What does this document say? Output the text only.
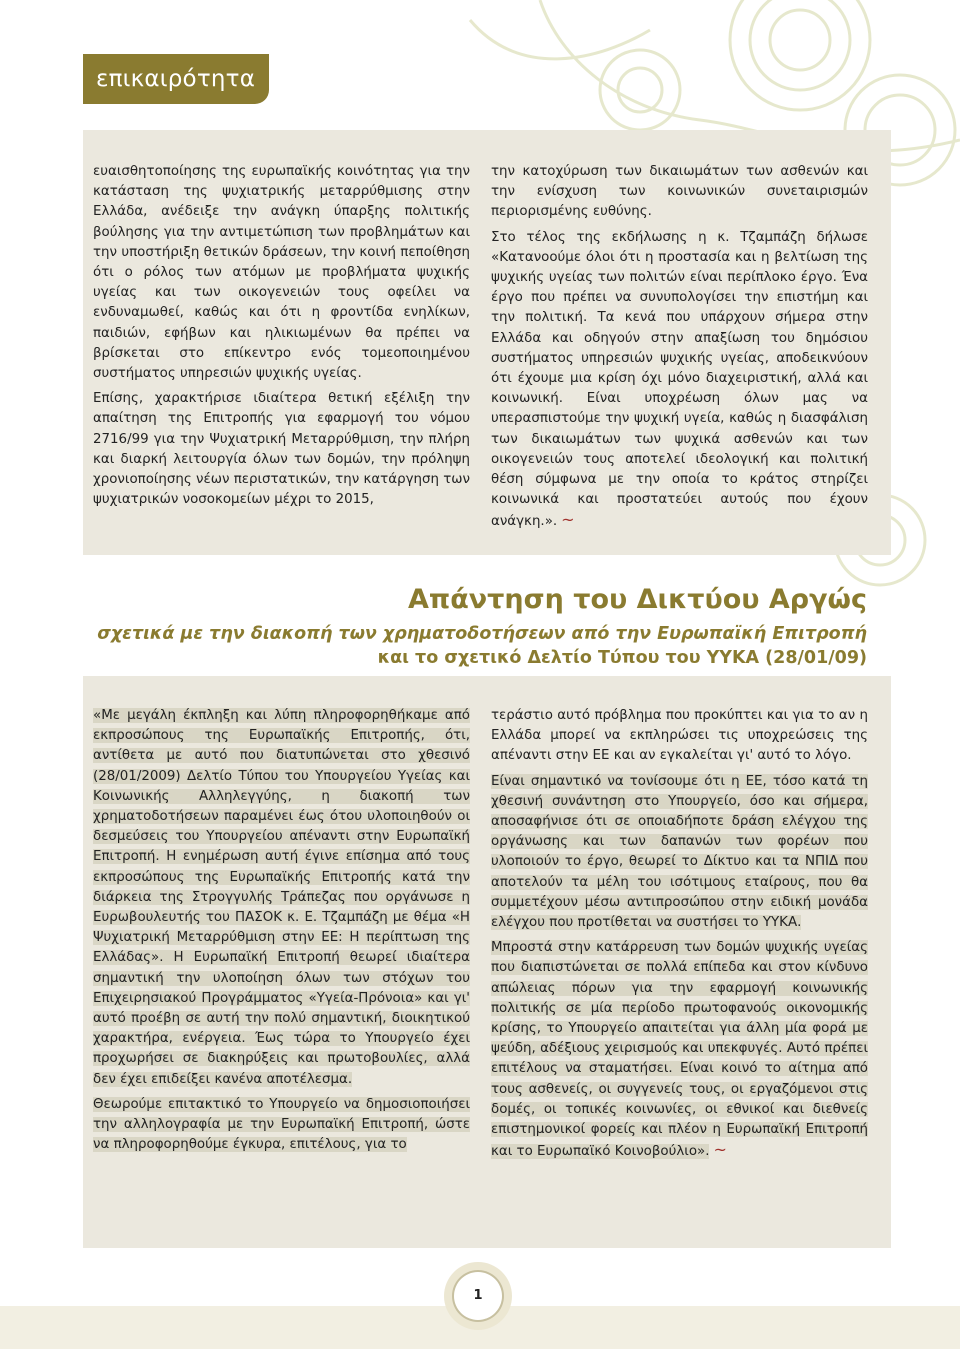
επικαιρότητα

ευαισθητοποίησης της ευρωπαϊκής κοινότητας για την κατάσταση της ψυχιατρικής μεταρρύθμισης στην Ελλάδα, ανέδειξε την ανάγκη ύπαρξης πολιτικής βούλησης για την αντιμετώπιση των προβλημάτων και την υποστήριξη θετικών δράσεων, την κοινή πεποίθηση ότι ο ρόλος των ατόμων με προβλήματα ψυχικής υγείας και των οικογενειών τους οφείλει να ενδυναμωθεί, καθώς και ότι η φροντίδα ενηλίκων, παιδιών, εφήβων και ηλικιωμένων θα πρέπει να βρίσκεται στο επίκεντρο ενός τομεοποιημένου συστήματος υπηρεσιών ψυχικής υγείας.

Επίσης, χαρακτήρισε ιδιαίτερα θετική εξέλιξη την απαίτηση της Επιτροπής για εφαρμογή του νόμου 2716/99 για την Ψυχιατρική Μεταρρύθμιση, την πλήρη και διαρκή λειτουργία όλων των δομών, την πρόληψη χρονιοποίησης νέων περιστατικών, την κατάργηση των ψυχιατρικών νοσοκομείων μέχρι το 2015,

την κατοχύρωση των δικαιωμάτων των ασθενών και την ενίσχυση των κοινωνικών συνεταιρισμών περιορισμένης ευθύνης.

Στο τέλος της εκδήλωσης η κ. Τζαμπάζη δήλωσε «Κατανοούμε όλοι ότι η προστασία και η βελτίωση της ψυχικής υγείας των πολιτών είναι περίπλοκο έργο. Ένα έργο που πρέπει να συνυπολογίσει την επιστήμη και την πολιτική. Τα κενά που υπάρχουν σήμερα στην Ελλάδα και οδηγούν στην απαξίωση του δημόσιου συστήματος υπηρεσιών ψυχικής υγείας, αποδεικνύουν ότι έχουμε μια κρίση όχι μόνο διαχειριστική, αλλά και κοινωνική. Είναι υποχρέωση όλων μας να υπερασπιστούμε την ψυχική υγεία, καθώς η διασφάλιση των δικαιωμάτων των ψυχικά ασθενών και των οικογενειών τους αποτελεί ιδεολογική και πολιτική θέση σύμφωνα με την οποία το κράτος στηρίζει κοινωνικά και προστατεύει αυτούς που έχουν ανάγκη.». ~

Απάντηση του Δικτύου Αργώς
σχετικά με την διακοπή των χρηματοδοτήσεων από την Ευρωπαϊκή Επιτροπή
και το σχετικό Δελτίο Τύπου του ΥΥΚΑ (28/01/09)

«Με μεγάλη έκπληξη και λύπη πληροφορηθήκαμε από εκπροσώπους της Ευρωπαϊκής Επιτροπής, ότι, αντίθετα με αυτό που διατυπώνεται στο χθεσινό (28/01/2009) Δελτίο Τύπου του Υπουργείου Υγείας και Κοινωνικής Αλληλεγγύης, η διακοπή των χρηματοδοτήσεων παραμένει έως ότου υλοποιηθούν οι δεσμεύσεις του Υπουργείου απέναντι στην Ευρωπαϊκή Επιτροπή. Η ενημέρωση αυτή έγινε επίσημα από τους εκπροσώπους της Ευρωπαϊκής Επιτροπής κατά την διάρκεια της Στρογγυλής Τράπεζας που οργάνωσε η Ευρωβουλευτής του ΠΑΣΟΚ κ. Ε. Τζαμπάζη με θέμα «Η Ψυχιατρική Μεταρρύθμιση στην ΕΕ: Η περίπτωση της Ελλάδας». Η Ευρωπαϊκή Επιτροπή θεωρεί ιδιαίτερα σημαντική την υλοποίηση όλων των στόχων του Επιχειρησιακού Προγράμματος «Υγεία-Πρόνοια» και γι' αυτό προέβη σε αυτή την πολύ σημαντική, διοικητικού χαρακτήρα, ενέργεια. Έως τώρα το Υπουργείο έχει προχωρήσει σε διακηρύξεις και πρωτοβουλίες, αλλά δεν έχει επιδείξει κανένα αποτέλεσμα.

Θεωρούμε επιτακτικό το Υπουργείο να δημοσιοποιήσει την αλληλογραφία με την Ευρωπαϊκή Επιτροπή, ώστε να πληροφορηθούμε έγκυρα, επιτέλους, για το

τεράστιο αυτό πρόβλημα που προκύπτει και για το αν η Ελλάδα μπορεί να εκπληρώσει τις υποχρεώσεις της απέναντι στην ΕΕ και αν εγκαλείται γι' αυτό το λόγο.

Είναι σημαντικό να τονίσουμε ότι η ΕΕ, τόσο κατά τη χθεσινή συνάντηση στο Υπουργείο, όσο και σήμερα, αποσαφήνισε ότι σε οποιαδήποτε δράση ελέγχου της οργάνωσης και των δαπανών των φορέων που υλοποιούν το έργο, θεωρεί το Δίκτυο και τα ΝΠΙΔ που αποτελούν τα μέλη του ισότιμους εταίρους, που θα συμμετέχουν μέσω αντιπροσώπου στην ειδική μονάδα ελέγχου που προτίθεται να συστήσει το ΥΥΚΑ.

Μπροστά στην κατάρρευση των δομών ψυχικής υγείας που διαπιστώνεται σε πολλά επίπεδα και στον κίνδυνο απώλειας πόρων για την εφαρμογή κοινωνικής πολιτικής σε μία περίοδο πρωτοφανούς οικονομικής κρίσης, το Υπουργείο απαιτείται για άλλη μία φορά με ψεύδη, αδέξιους χειρισμούς και υπεκφυγές. Αυτό πρέπει επιτέλους να σταματήσει. Είναι κοινό το αίτημα από τους ασθενείς, οι συγγενείς τους, οι εργαζόμενοι στις δομές, οι τοπικές κοινωνίες, οι εθνικοί και διεθνείς επιστημονικοί φορείς και πλέον η Ευρωπαϊκή Επιτροπή και το Ευρωπαϊκό Κοινοβούλιο». ~

1
